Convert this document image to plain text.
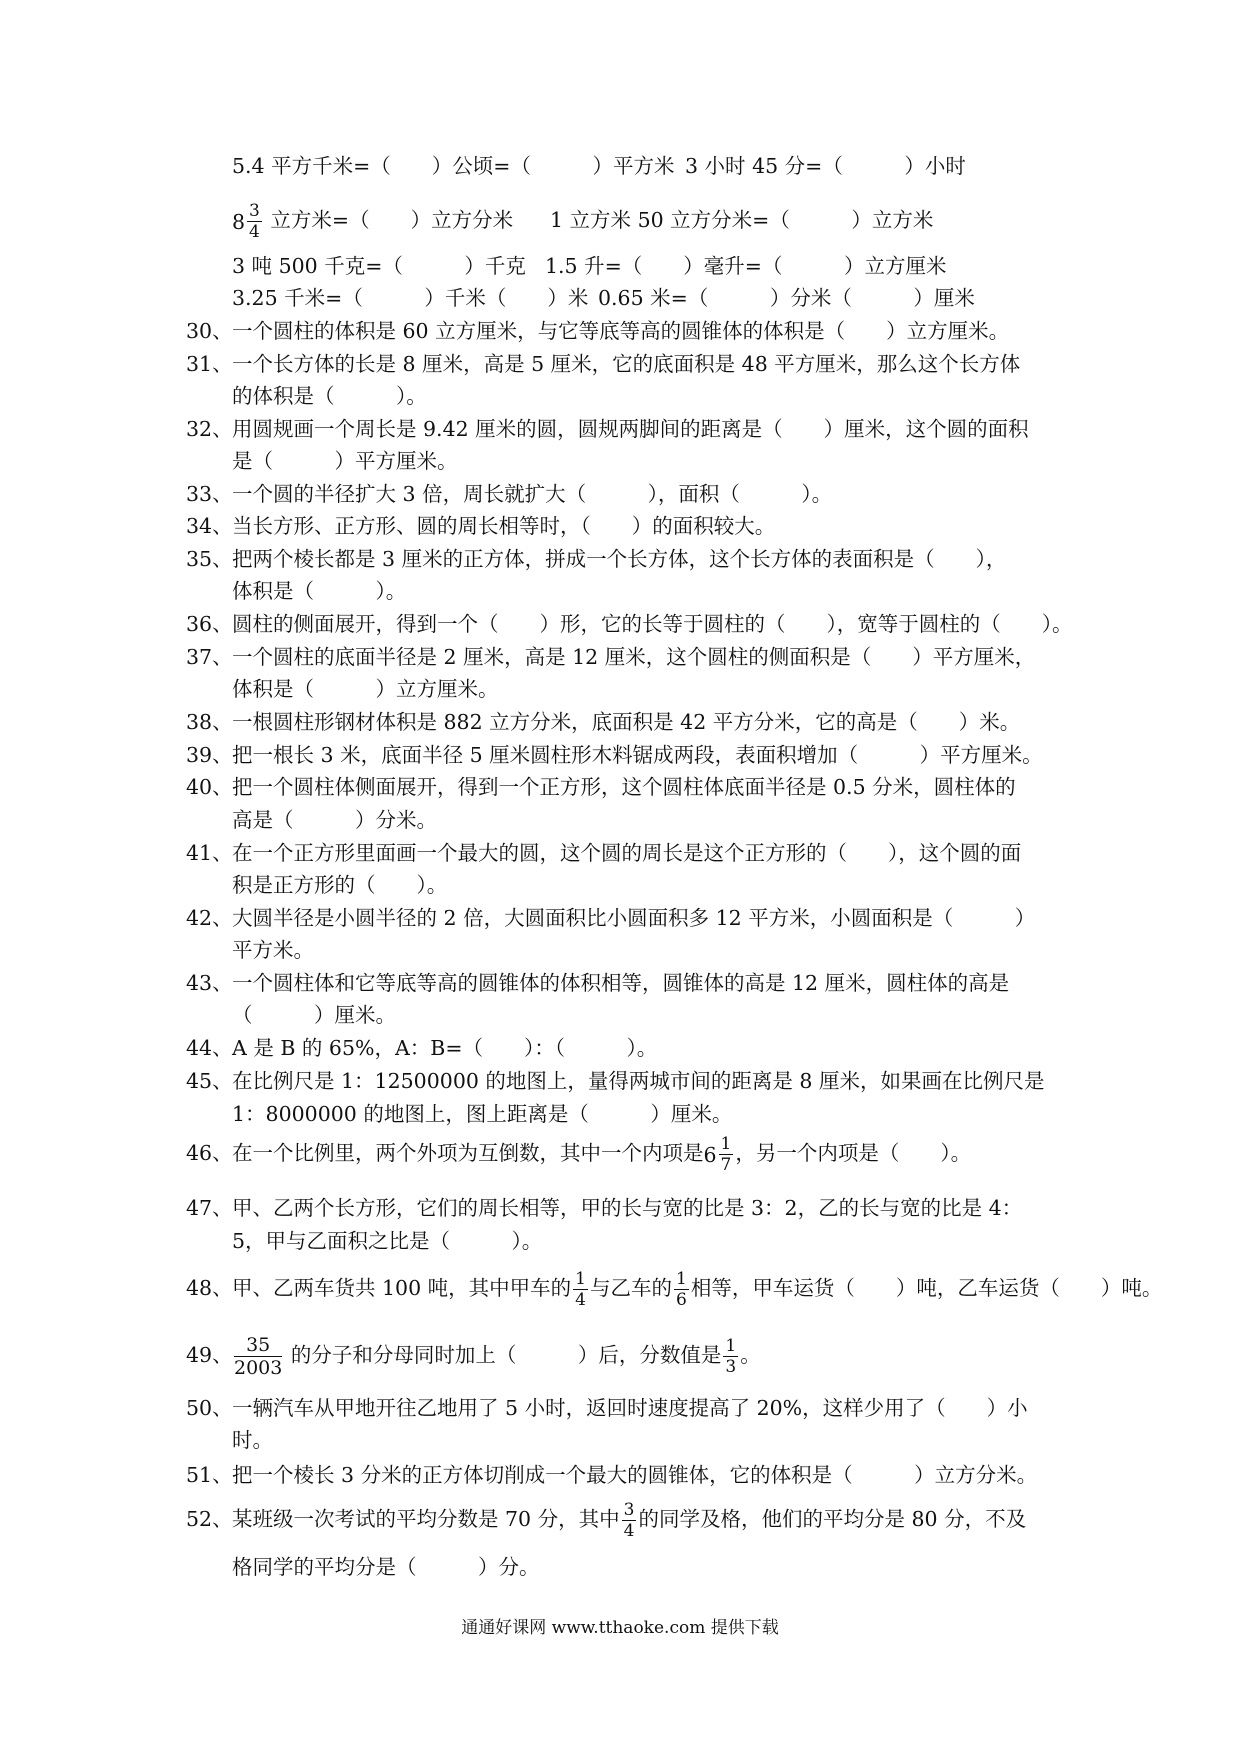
5.4 平方千米=（　　）公顷=（　　　）平方米 3 小时 45 分=（　　　）小时
$8 \frac{3}{4}$ 立方米=（　　）立方分米 1 立方米 50 立方分米=（　　　）立方米
3 吨 500 千克=（　　　）千克 1.5 升=（　　）毫升=（　　　）立方厘米
3.25 千米=（　　　）千米（　　）米 0.65 米=（　　　）分米（　　　）厘米
30、 一个圆柱的体积是 60 立方厘米，与它等底等高的圆锥体的体积是（　　）立方厘米。
31、 一个长方体的长是 8 厘米，高是 5 厘米，它的底面积是 48 平方厘米，那么这个长方体
的体积是（　　　）。
32、 用圆规画一个周长是 9.42 厘米的圆，圆规两脚间的距离是（　　）厘米，这个圆的面积
是（　　　）平方厘米。
33、 一个圆的半径扩大 3 倍，周长就扩大（　　　），面积（　　　）。
34、 当长方形、正方形、圆的周长相等时，（　　）的面积较大。
35、 把两个棱长都是 3 厘米的正方体，拼成一个长方体，这个长方体的表面积是（　　），
体积是（　　　）。
36、 圆柱的侧面展开，得到一个（　　）形，它的长等于圆柱的（　　），宽等于圆柱的（　　）。
37、 一个圆柱的底面半径是 2 厘米，高是 12 厘米，这个圆柱的侧面积是（　　）平方厘米，
体积是（　　　）立方厘米。
38、 一根圆柱形钢材体积是 882 立方分米，底面积是 42 平方分米，它的高是（　　）米。
39、 把一根长 3 米，底面半径 5 厘米圆柱形木料锯成两段，表面积增加（　　　）平方厘米。
40、 把一个圆柱体侧面展开，得到一个正方形，这个圆柱体底面半径是 0.5 分米，圆柱体的
高是（　　　）分米。
41、 在一个正方形里面画一个最大的圆，这个圆的周长是这个正方形的（　　），这个圆的面
积是正方形的（　　）。
42、 大圆半径是小圆半径的 2 倍，大圆面积比小圆面积多 12 平方米，小圆面积是（　　　）
平方米。
43、 一个圆柱体和它等底等高的圆锥体的体积相等，圆锥体的高是 12 厘米，圆柱体的高是
（　　　）厘米。
44、 A 是 B 的 65%，A：B=（　　）：（　　　）。
45、 在比例尺是 1：12500000 的地图上，量得两城市间的距离是 8 厘米，如果画在比例尺是
1：8000000 的地图上，图上距离是（　　　）厘米。
46、 在一个比例里，两个外项为互倒数，其中一个内项是$6 \frac{1}{7}$ ，另一个内项是（　　）。
47、 甲、乙两个长方形，它们的周长相等，甲的长与宽的比是 3：2，乙的长与宽的比是 4：
5，甲与乙面积之比是（　　　）。
48、 甲、乙两车货共 100 吨，其中甲车的 $\frac{1}{4}$ 与乙车的 $\frac{1}{6}$ 相等，甲车运货（　　）吨，乙车运货（　　）吨。
49、 $\frac{35}{2003}$ 的分子和分母同时加上（　　　）后，分数值是 $\frac{1}{3}$ 。
50、 一辆汽车从甲地开往乙地用了 5 小时，返回时速度提高了 20%，这样少用了（　　）小
时。
51、 把一个棱长 3 分米的正方体切削成一个最大的圆锥体，它的体积是（　　　）立方分米。
52、 某班级一次考试的平均分数是 70 分，其中 $\frac{3}{4}$ 的同学及格，他们的平均分是 80 分，不及
格同学的平均分是（　　　）分。
通通好课网 www.tthaoke.com 提供下载
